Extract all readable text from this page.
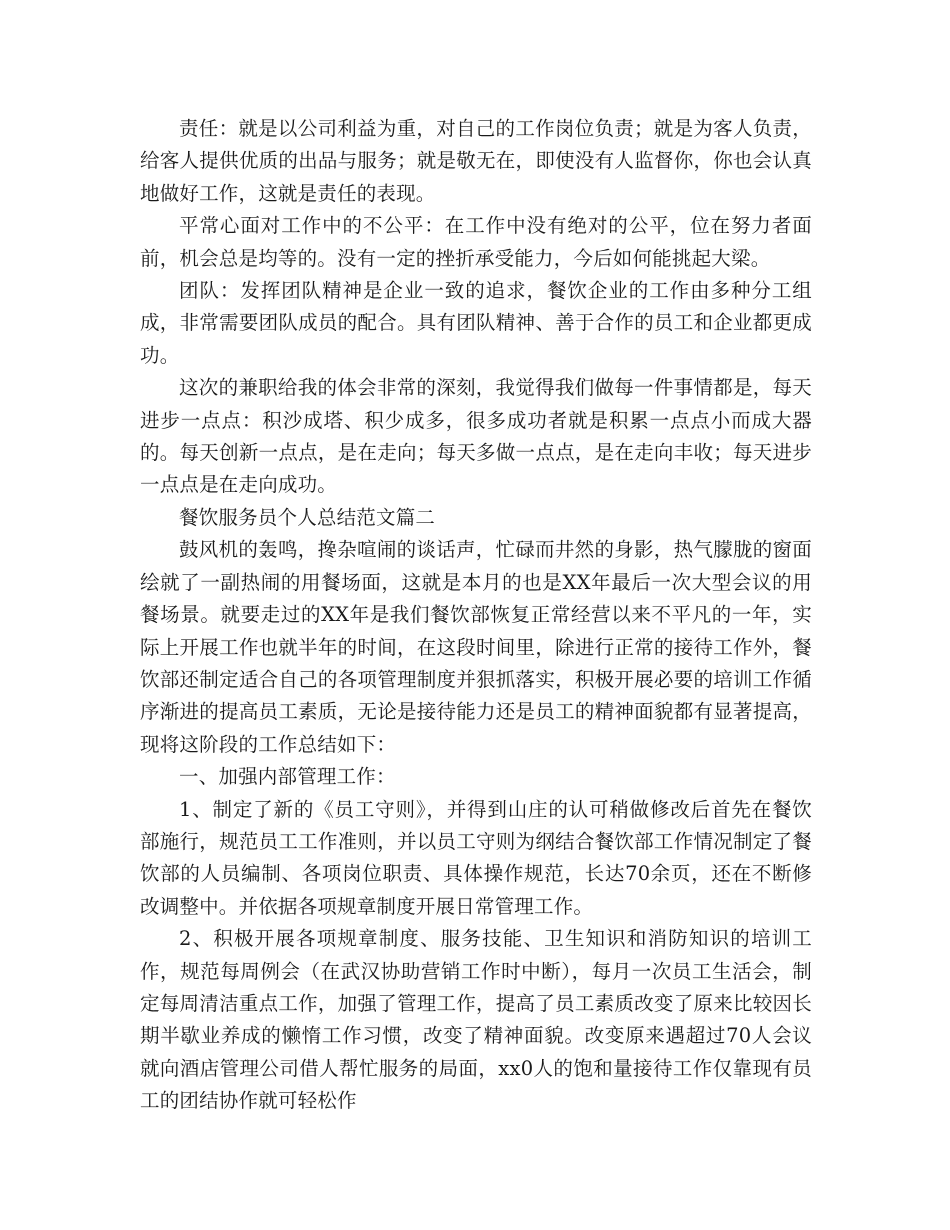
责任：就是以公司利益为重，对自己的工作岗位负责；就是为客人负责，给客人提供优质的出品与服务；就是敬无在，即使没有人监督你，你也会认真地做好工作，这就是责任的表现。

平常心面对工作中的不公平：在工作中没有绝对的公平，位在努力者面前，机会总是均等的。没有一定的挫折承受能力，今后如何能挑起大梁。

团队：发挥团队精神是企业一致的追求，餐饮企业的工作由多种分工组成，非常需要团队成员的配合。具有团队精神、善于合作的员工和企业都更成功。

这次的兼职给我的体会非常的深刻，我觉得我们做每一件事情都是，每天进步一点点：积沙成塔、积少成多，很多成功者就是积累一点点小而成大器的。每天创新一点点，是在走向；每天多做一点点，是在走向丰收；每天进步一点点是在走向成功。

餐饮服务员个人总结范文篇二

鼓风机的轰鸣，搀杂喧闹的谈话声，忙碌而井然的身影，热气朦胧的窗面绘就了一副热闹的用餐场面，这就是本月的也是XX年最后一次大型会议的用餐场景。就要走过的XX年是我们餐饮部恢复正常经营以来不平凡的一年，实际上开展工作也就半年的时间，在这段时间里，除进行正常的接待工作外，餐饮部还制定适合自己的各项管理制度并狠抓落实，积极开展必要的培训工作循序渐进的提高员工素质，无论是接待能力还是员工的精神面貌都有显著提高，现将这阶段的工作总结如下：

一、加强内部管理工作：

1、制定了新的《员工守则》，并得到山庄的认可稍做修改后首先在餐饮部施行，规范员工工作准则，并以员工守则为纲结合餐饮部工作情况制定了餐饮部的人员编制、各项岗位职责、具体操作规范，长达70余页，还在不断修改调整中。并依据各项规章制度开展日常管理工作。

2、积极开展各项规章制度、服务技能、卫生知识和消防知识的培训工作，规范每周例会（在武汉协助营销工作时中断），每月一次员工生活会，制定每周清洁重点工作，加强了管理工作，提高了员工素质改变了原来比较因长期半歇业养成的懒惰工作习惯，改变了精神面貌。改变原来遇超过70人会议就向酒店管理公司借人帮忙服务的局面，xx0人的饱和量接待工作仅靠现有员工的团结协作就可轻松作
